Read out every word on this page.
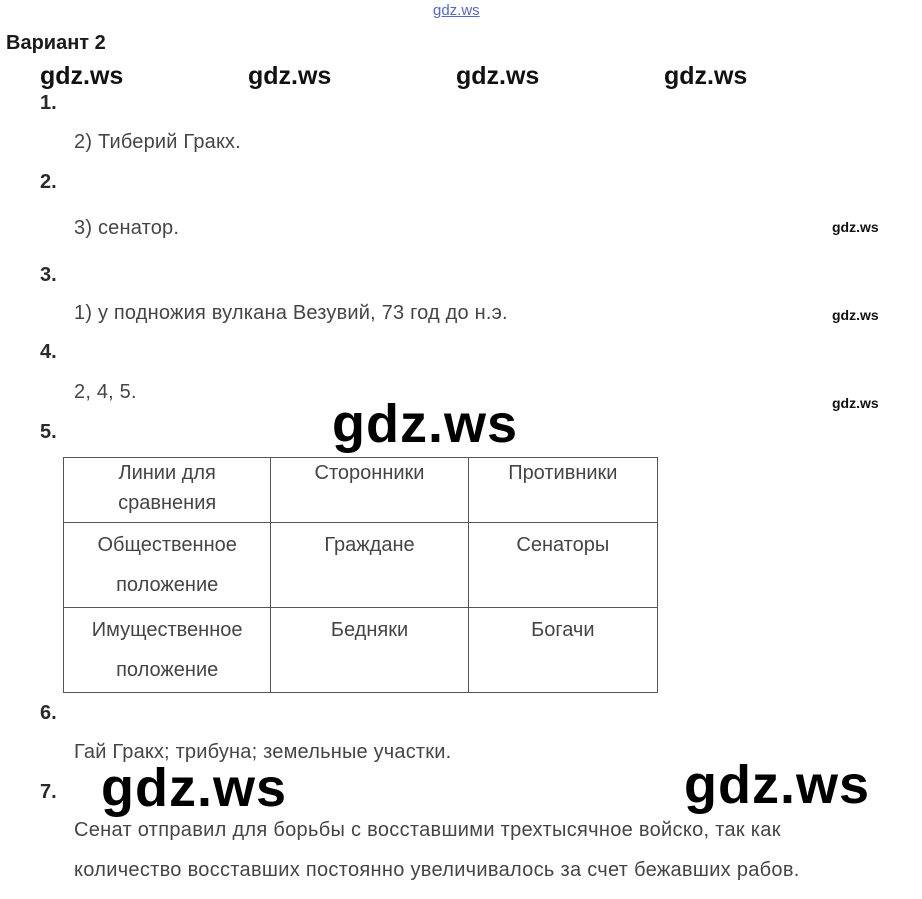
gdz.ws
Вариант 2
gdz.ws	gdz.ws	gdz.ws	gdz.ws
1.
2) Тиберий Гракх.
2.
3) сенатор.	gdz.ws
3.
1) у подножия вулкана Везувий, 73 год до н.э.	gdz.ws
4.
2, 4, 5.	gdz.ws
5.	gdz.ws
Линии для сравнения	Сторонники	Противники
Общественное положение	Граждане	Сенаторы
Имущественное положение	Бедняки	Богачи
6.
Гай Гракх; трибуна; земельные участки.
7. gdz.ws	gdz.ws
Сенат отправил для борьбы с восставшими трехтысячное войско, так как
количество восставших постоянно увеличивалось за счет бежавших рабов.
